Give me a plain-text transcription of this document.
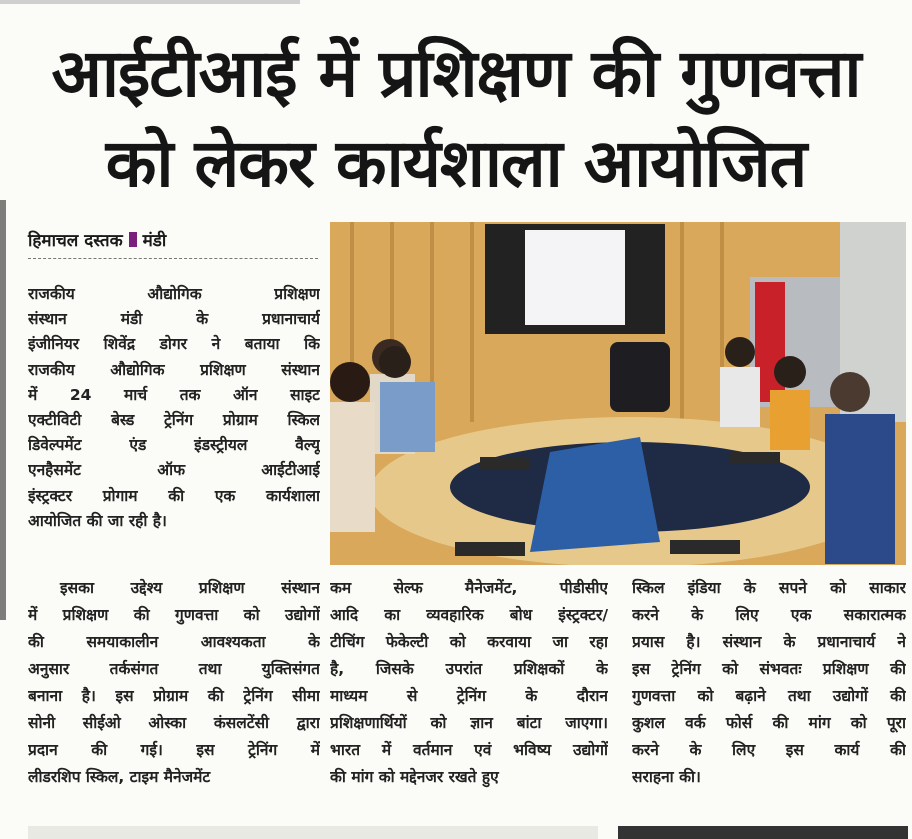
आईटीआई में प्रशिक्षण की गुणवत्ता
को लेकर कार्यशाला आयोजित
हिमाचल दस्तक मंडी
राजकीय औद्योगिक प्रशिक्षण
संस्थान मंडी के प्रधानाचार्य
इंजीनियर शिवेंद्र डोगर ने बताया कि
राजकीय औद्योगिक प्रशिक्षण संस्थान
में 24 मार्च तक ऑन साइट
एक्टीविटी बेस्ड ट्रेनिंग प्रोग्राम स्किल
डिवेल्पमेंट एंड इंडस्ट्रीयल वैल्यू
एनहैसमेंट ऑफ आईटीआई
इंस्ट्रक्टर प्रोगाम की एक कार्यशाला
आयोजित की जा रही है।
इसका उद्देश्य प्रशिक्षण संस्थान
में प्रशिक्षण की गुणवत्ता को उद्योगों
की समयाकालीन आवश्यकता के
अनुसार तर्कसंगत तथा युक्तिसंगत
बनाना है। इस प्रोग्राम की ट्रेनिंग सीमा
सोनी सीईओ ओस्का कंसलटेंसी द्वारा
प्रदान की गई। इस ट्रेनिंग में
लीडरशिप स्किल, टाइम मैनेजमेंट
कम सेल्फ मैनेजमेंट, पीडीसीए
आदि का व्यवहारिक बोध इंस्ट्रक्टर/
टीचिंग फेकेल्टी को करवाया जा रहा
है, जिसके उपरांत प्रशिक्षकों के
माध्यम से ट्रेनिंग के दौरान
प्रशिक्षणार्थियों को ज्ञान बांटा जाएगा।
भारत में वर्तमान एवं भविष्य उद्योगों
की मांग को मद्देनजर रखते हुए
स्किल इंडिया के सपने को साकार
करने के लिए एक सकारात्मक
प्रयास है। संस्थान के प्रधानाचार्य ने
इस ट्रेनिंग को संभवतः प्रशिक्षण की
गुणवत्ता को बढ़ाने तथा उद्योगों की
कुशल वर्क फोर्स की मांग को पूरा
करने के लिए इस कार्य की
सराहना की।
